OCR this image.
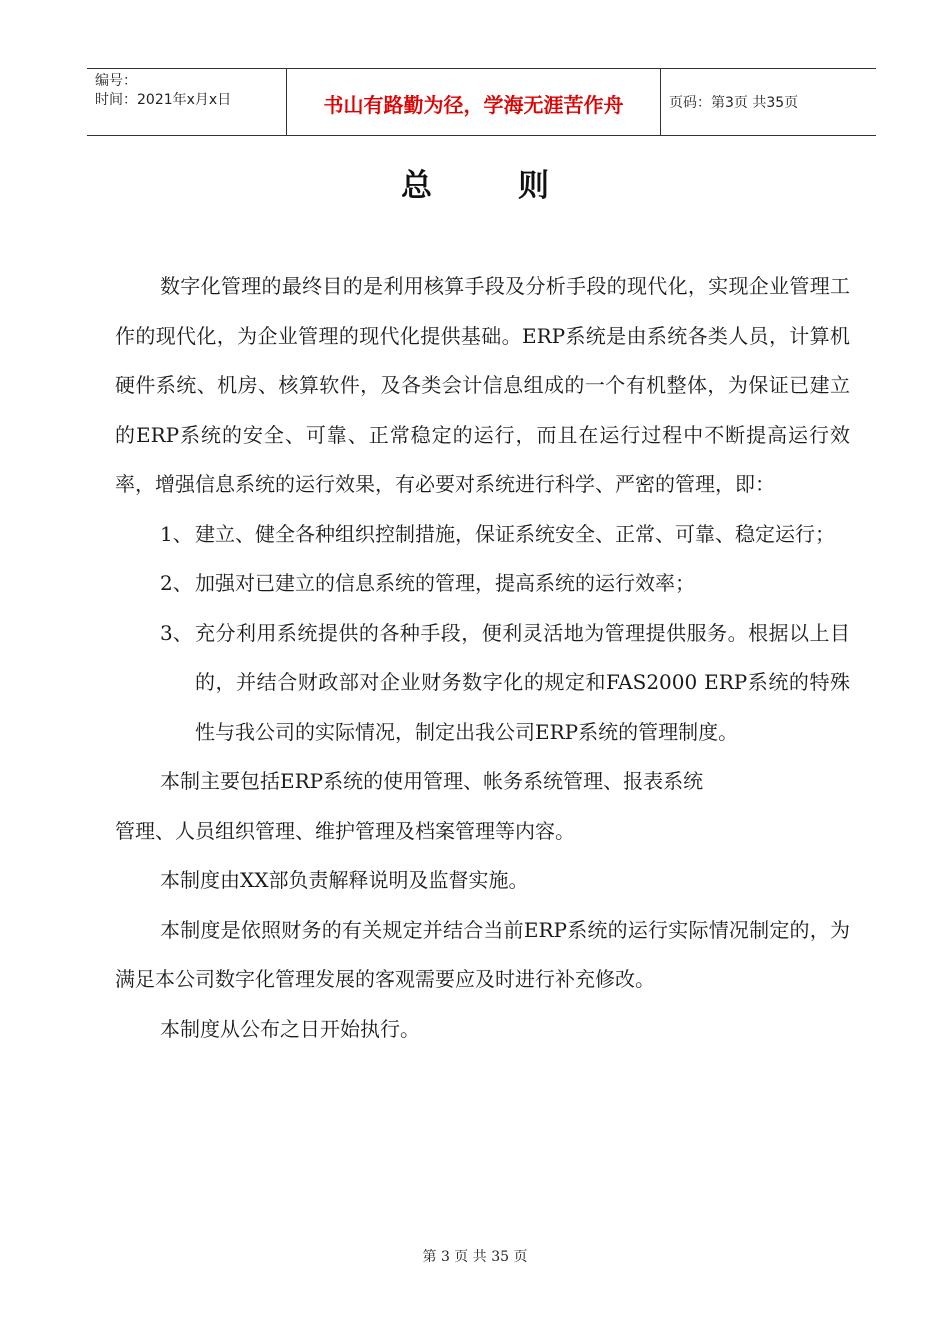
编号：
时间：2021年x月x日	书山有路勤为径，学海无涯苦作舟	页码：第3页 共35页
总则

数字化管理的最终目的是利用核算手段及分析手段的现代化，实现企业管理工作的现代化，为企业管理的现代化提供基础。ERP系统是由系统各类人员，计算机硬件系统、机房、核算软件，及各类会计信息组成的一个有机整体，为保证已建立的ERP系统的安全、可靠、正常稳定的运行，而且在运行过程中不断提高运行效率，增强信息系统的运行效果，有必要对系统进行科学、严密的管理，即：

1、 建立、健全各种组织控制措施，保证系统安全、正常、可靠、稳定运行；
2、 加强对已建立的信息系统的管理，提高系统的运行效率；
3、 充分利用系统提供的各种手段，便利灵活地为管理提供服务。根据以上目的，并结合财政部对企业财务数字化的规定和FAS2000 ERP系统的特殊性与我公司的实际情况，制定出我公司ERP系统的管理制度。

本制主要包括ERP系统的使用管理、帐务系统管理、报表系统

管理、人员组织管理、维护管理及档案管理等内容。

本制度由XX部负责解释说明及监督实施。

本制度是依照财务的有关规定并结合当前ERP系统的运行实际情况制定的，为满足本公司数字化管理发展的客观需要应及时进行补充修改。

本制度从公布之日开始执行。

第 3 页 共 35 页
